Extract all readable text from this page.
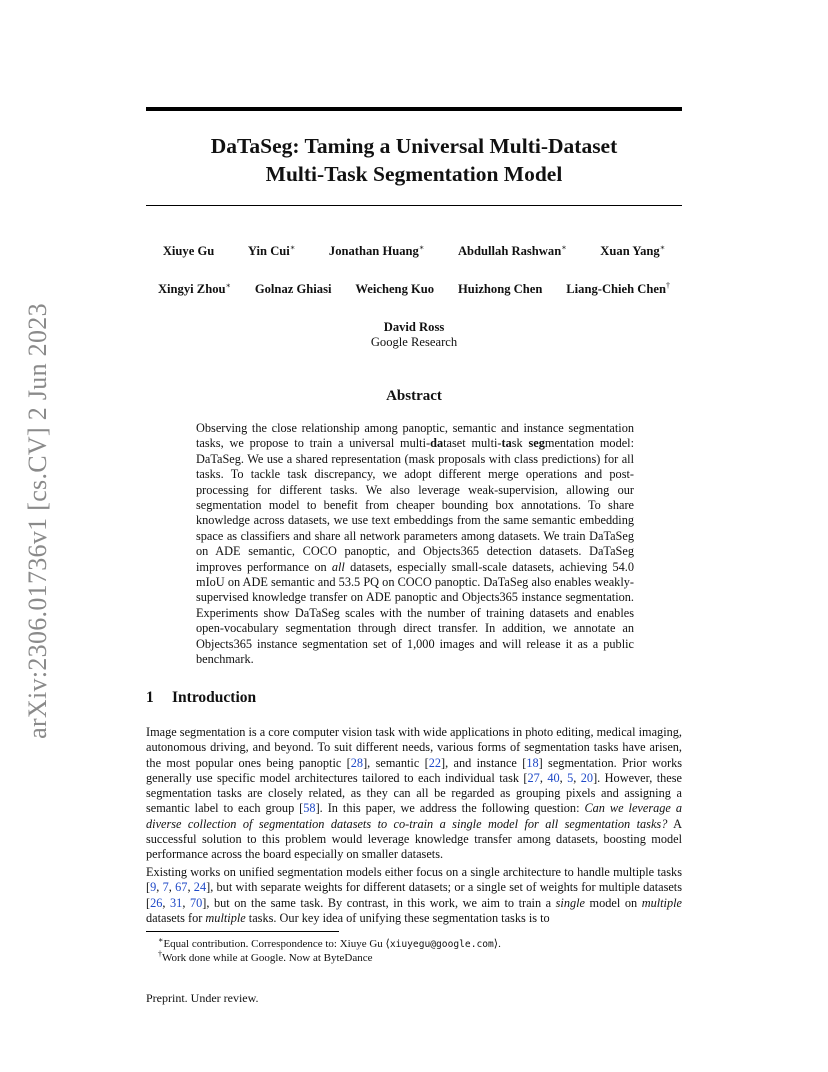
arXiv:2306.01736v1 [cs.CV] 2 Jun 2023
DaTaSeg: Taming a Universal Multi-Dataset
Multi-Task Segmentation Model
Xiuye Gu	Yin Cui∗	Jonathan Huang∗	Abdullah Rashwan∗	Xuan Yang∗
Xingyi Zhou∗ Golnaz Ghiasi Weicheng Kuo Huizhong Chen Liang-Chieh Chen†
David Ross
Google Research
Abstract
Observing the close relationship among panoptic, semantic and instance segmentation tasks, we propose to train a universal multi-dataset multi-task segmentation model: DaTaSeg. We use a shared representation (mask proposals with class predictions) for all tasks. To tackle task discrepancy, we adopt different merge operations and post-processing for different tasks. We also leverage weak-supervision, allowing our segmentation model to benefit from cheaper bounding box annotations. To share knowledge across datasets, we use text embeddings from the same semantic embedding space as classifiers and share all network parameters among datasets. We train DaTaSeg on ADE semantic, COCO panoptic, and Objects365 detection datasets. DaTaSeg improves performance on all datasets, especially small-scale datasets, achieving 54.0 mIoU on ADE semantic and 53.5 PQ on COCO panoptic. DaTaSeg also enables weakly-supervised knowledge transfer on ADE panoptic and Objects365 instance segmentation. Experiments show DaTaSeg scales with the number of training datasets and enables open-vocabulary segmentation through direct transfer. In addition, we annotate an Objects365 instance segmentation set of 1,000 images and will release it as a public benchmark.
1 Introduction
Image segmentation is a core computer vision task with wide applications in photo editing, medical imaging, autonomous driving, and beyond. To suit different needs, various forms of segmentation tasks have arisen, the most popular ones being panoptic [28], semantic [22], and instance [18] segmentation. Prior works generally use specific model architectures tailored to each individual task [27, 40, 5, 20]. However, these segmentation tasks are closely related, as they can all be regarded as grouping pixels and assigning a semantic label to each group [58]. In this paper, we address the following question: Can we leverage a diverse collection of segmentation datasets to co-train a single model for all segmentation tasks? A successful solution to this problem would leverage knowledge transfer among datasets, boosting model performance across the board especially on smaller datasets.
Existing works on unified segmentation models either focus on a single architecture to handle multiple tasks [9, 7, 67, 24], but with separate weights for different datasets; or a single set of weights for multiple datasets [26, 31, 70], but on the same task. By contrast, in this work, we aim to train a single model on multiple datasets for multiple tasks. Our key idea of unifying these segmentation tasks is to
∗Equal contribution. Correspondence to: Xiuye Gu ⟨xiuyegu@google.com⟩.
†Work done while at Google. Now at ByteDance
Preprint. Under review.
